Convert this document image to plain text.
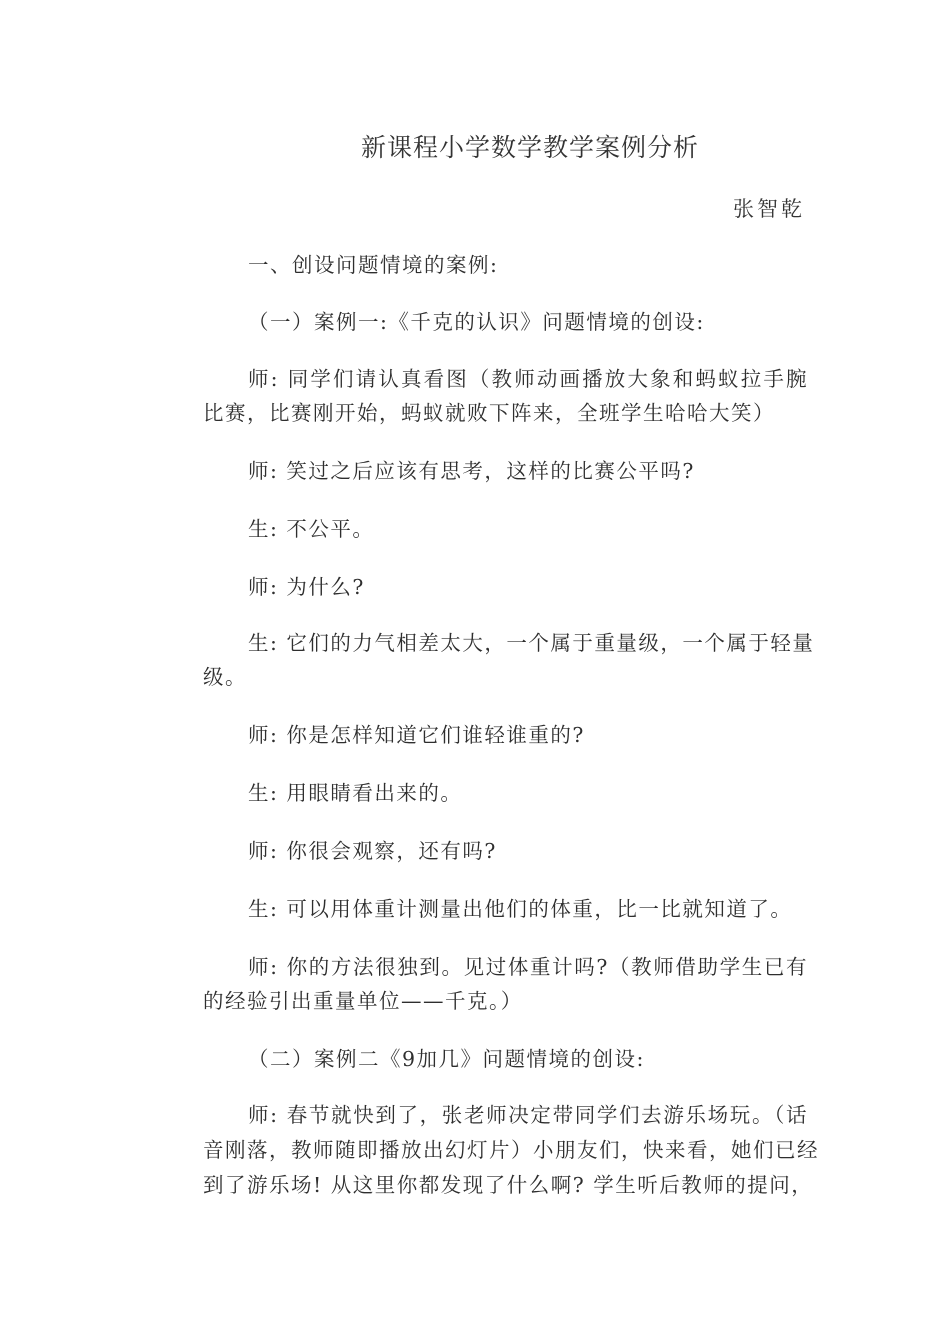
新课程小学数学教学案例分析
张智乾
一、创设问题情境的案例:
（一）案例一:《千克的认识》问题情境的创设:
师: 同学们请认真看图（教师动画播放大象和蚂蚁拉手腕
比赛，比赛刚开始，蚂蚁就败下阵来，全班学生哈哈大笑）
师: 笑过之后应该有思考，这样的比赛公平吗?
生: 不公平。
师: 为什么?
生: 它们的力气相差太大，一个属于重量级，一个属于轻量
级。
师: 你是怎样知道它们谁轻谁重的?
生: 用眼睛看出来的。
师: 你很会观察，还有吗?
生: 可以用体重计测量出他们的体重，比一比就知道了。
师: 你的方法很独到。见过体重计吗?（教师借助学生已有
的经验引出重量单位——千克。）
（二）案例二《9加几》问题情境的创设:
师: 春节就快到了，张老师决定带同学们去游乐场玩。（话
音刚落，教师随即播放出幻灯片）小朋友们，快来看，她们已经
到了游乐场! 从这里你都发现了什么啊? 学生听后教师的提问，
